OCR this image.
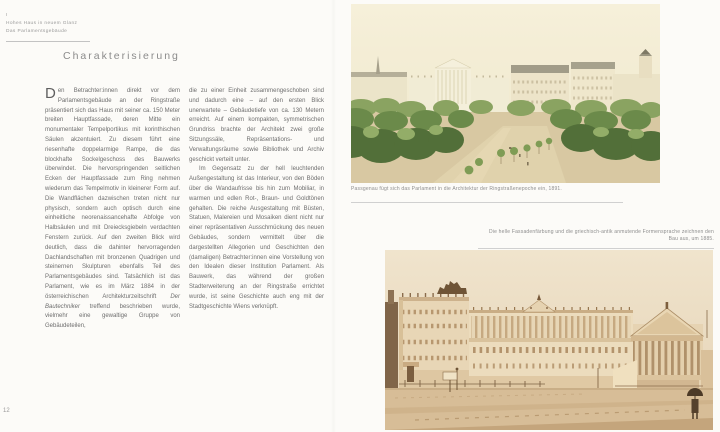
I
Hohes Haus in neuem Glanz
Das Parlamentsgebäude
Charakterisierung

Den Betrachter:innen direkt vor dem Parlamentsgebäude an der Ringstraße präsentiert sich das Haus mit seiner ca. 150 Meter breiten Hauptfassade, deren Mitte ein monumentaler Tempelportikus mit korinthischen Säulen akzentuiert. Zu diesem führt eine riesenhafte doppelarmige Rampe, die das blockhafte Sockelgeschoss des Bauwerks überwindet. Die hervorspringenden seitlichen Ecken der Hauptfassade zum Ring nehmen wiederum das Tempelmotiv in kleinerer Form auf. Die Wandflächen dazwischen treten nicht nur physisch, sondern auch optisch durch eine einheitliche neorenaissancehafte Abfolge von Halbsäulen und mit Dreiecksgiebeln verdachten Fenstern zurück. Auf den zweiten Blick wird deutlich, dass die dahinter hervorragenden Dachlandschaften mit bronzenen Quadrigen und steinernen Skulpturen ebenfalls Teil des Parlamentsgebäudes sind. Tatsächlich ist das Parlament, wie es im März 1884 in der österreichischen Architekturzeitschrift Der Bautechniker treffend beschrieben wurde, vielmehr eine gewaltige Gruppe von Gebäudeteilen,

die zu einer Einheit zusammengeschoben sind und dadurch eine – auf den ersten Blick unerwartete – Gebäudetiefe von ca. 130 Metern erreicht. Auf einem kompakten, symmetrischen Grundriss brachte der Architekt zwei große Sitzungssäle, Repräsentations- und Verwaltungsräume sowie Bibliothek und Archiv geschickt verteilt unter.

Im Gegensatz zu der hell leuchtenden Außengestaltung ist das Interieur, von den Böden über die Wandaufrisse bis hin zum Mobiliar, in warmen und edlen Rot-, Braun- und Goldtönen gehalten. Die reiche Ausgestaltung mit Büsten, Statuen, Malereien und Mosaiken dient nicht nur einer repräsentativen Ausschmückung des neuen Gebäudes, sondern vermittelt über die dargestellten Allegorien und Geschichten den (damaligen) Betrachter:innen eine Vorstellung von den Idealen dieser Institution Parlament. Als Bauwerk, das während der großen Stadterweiterung an der Ringstraße errichtet wurde, ist seine Geschichte auch eng mit der Stadtgeschichte Wiens verknüpft.

Passgenau fügt sich das Parlament in die Architektur der Ringstraßenepoche ein, 1891.
Die helle Fassadenfärbung und die griechisch-antik anmutende Formensprache zeichnen den Bau aus, um 1885.
12
